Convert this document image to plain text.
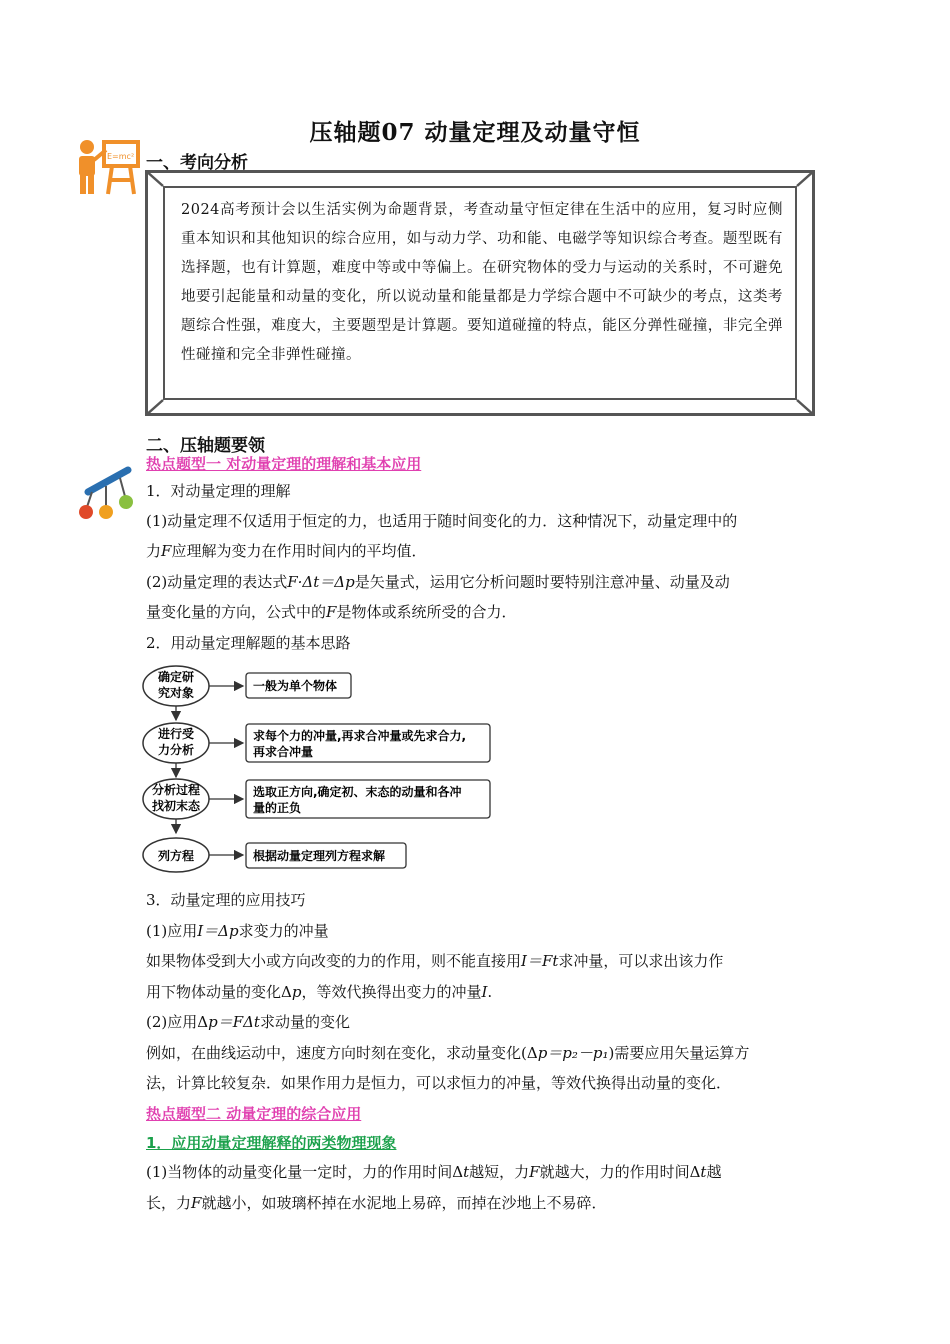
压轴题07 动量定理及动量守恒
E=mc² 一、考向分析
2024高考预计会以生活实例为命题背景，考查动量守恒定律在生活中的应用，复习时应侧重本知识和其他知识的综合应用，如与动力学、功和能、电磁学等知识综合考查。题型既有选择题，也有计算题，难度中等或中等偏上。在研究物体的受力与运动的关系时，不可避免地要引起能量和动量的变化，所以说动量和能量都是力学综合题中不可缺少的考点，这类考题综合性强，难度大，主要题型是计算题。要知道碰撞的特点，能区分弹性碰撞，非完全弹性碰撞和完全非弹性碰撞。
二、压轴题要领
热点题型一 对动量定理的理解和基本应用
1．对动量定理的理解
(1)动量定理不仅适用于恒定的力，也适用于随时间变化的力．这种情况下，动量定理中的
力F应理解为变力在作用时间内的平均值．
(2)动量定理的表达式F·Δt＝Δp是矢量式，运用它分析问题时要特别注意冲量、动量及动
量变化量的方向，公式中的F是物体或系统所受的合力．
2．用动量定理解题的基本思路
确定研
究对象	一般为单个物体
进行受
力分析
求每个力的冲量,再求合冲量或先求合力,
再求合冲量
分析过程
找初末态
选取正方向,确定初、末态的动量和各冲
量的正负
列方程	根据动量定理列方程求解
3．动量定理的应用技巧
(1)应用I＝Δp求变力的冲量
如果物体受到大小或方向改变的力的作用，则不能直接用I＝Ft求冲量，可以求出该力作
用下物体动量的变化Δp，等效代换得出变力的冲量I.
(2)应用Δp＝FΔt求动量的变化
例如，在曲线运动中，速度方向时刻在变化，求动量变化(Δp＝p₂－p₁)需要应用矢量运算方
法，计算比较复杂．如果作用力是恒力，可以求恒力的冲量，等效代换得出动量的变化．
热点题型二 动量定理的综合应用
1．应用动量定理解释的两类物理现象
(1)当物体的动量变化量一定时，力的作用时间Δt越短，力F就越大，力的作用时间Δt越
长，力F就越小，如玻璃杯掉在水泥地上易碎，而掉在沙地上不易碎．
